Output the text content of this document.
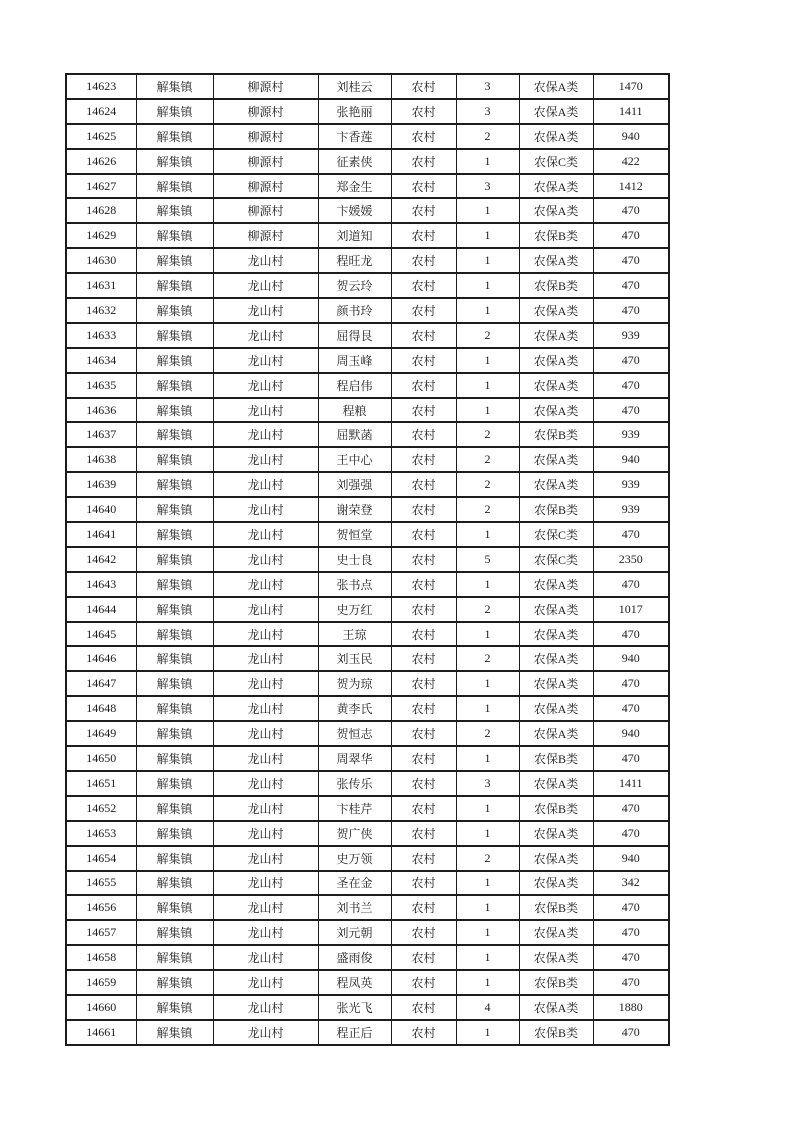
14623	解集镇	柳源村	刘桂云	农村	3	农保A类	1470
14624	解集镇	柳源村	张艳丽	农村	3	农保A类	1411
14625	解集镇	柳源村	卞香莲	农村	2	农保A类	940
14626	解集镇	柳源村	征素侠	农村	1	农保C类	422
14627	解集镇	柳源村	郑金生	农村	3	农保A类	1412
14628	解集镇	柳源村	卞媛媛	农村	1	农保A类	470
14629	解集镇	柳源村	刘道知	农村	1	农保B类	470
14630	解集镇	龙山村	程旺龙	农村	1	农保A类	470
14631	解集镇	龙山村	贺云玲	农村	1	农保B类	470
14632	解集镇	龙山村	颜书玲	农村	1	农保A类	470
14633	解集镇	龙山村	屈得艮	农村	2	农保A类	939
14634	解集镇	龙山村	周玉峰	农村	1	农保A类	470
14635	解集镇	龙山村	程启伟	农村	1	农保A类	470
14636	解集镇	龙山村	程粮	农村	1	农保A类	470
14637	解集镇	龙山村	屈默菡	农村	2	农保B类	939
14638	解集镇	龙山村	王中心	农村	2	农保A类	940
14639	解集镇	龙山村	刘强强	农村	2	农保A类	939
14640	解集镇	龙山村	谢荣登	农村	2	农保B类	939
14641	解集镇	龙山村	贺恒堂	农村	1	农保C类	470
14642	解集镇	龙山村	史士良	农村	5	农保C类	2350
14643	解集镇	龙山村	张书点	农村	1	农保A类	470
14644	解集镇	龙山村	史万红	农村	2	农保A类	1017
14645	解集镇	龙山村	王琼	农村	1	农保A类	470
14646	解集镇	龙山村	刘玉民	农村	2	农保A类	940
14647	解集镇	龙山村	贺为琼	农村	1	农保A类	470
14648	解集镇	龙山村	黄李氏	农村	1	农保A类	470
14649	解集镇	龙山村	贺恒志	农村	2	农保A类	940
14650	解集镇	龙山村	周翠华	农村	1	农保B类	470
14651	解集镇	龙山村	张传乐	农村	3	农保A类	1411
14652	解集镇	龙山村	卞桂芹	农村	1	农保B类	470
14653	解集镇	龙山村	贺广侠	农村	1	农保A类	470
14654	解集镇	龙山村	史万领	农村	2	农保A类	940
14655	解集镇	龙山村	圣在金	农村	1	农保A类	342
14656	解集镇	龙山村	刘书兰	农村	1	农保B类	470
14657	解集镇	龙山村	刘元朝	农村	1	农保A类	470
14658	解集镇	龙山村	盛雨俊	农村	1	农保A类	470
14659	解集镇	龙山村	程凤英	农村	1	农保B类	470
14660	解集镇	龙山村	张光飞	农村	4	农保A类	1880
14661	解集镇	龙山村	程正后	农村	1	农保B类	470
